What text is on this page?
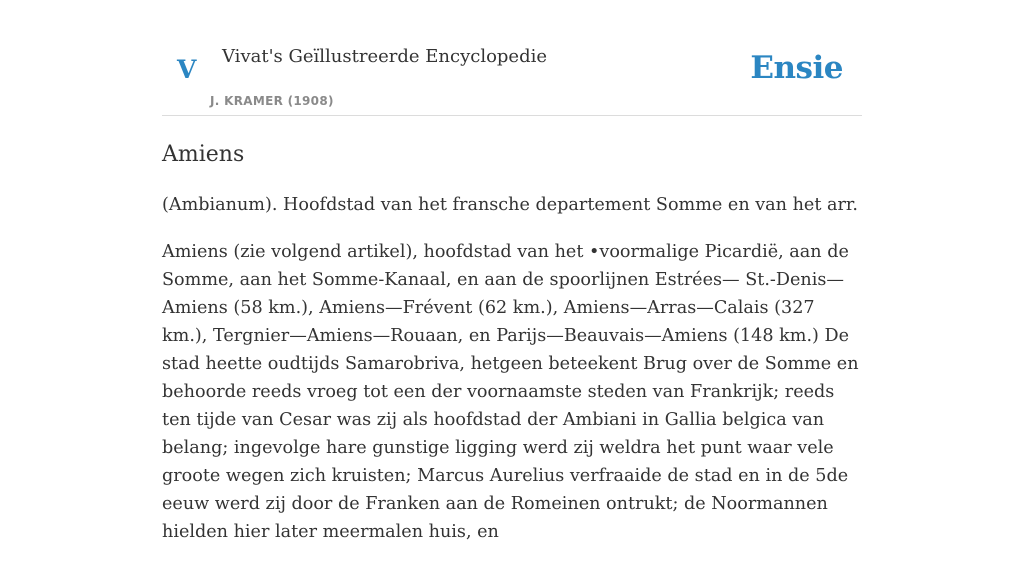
V Vivat's Geïllustreerde Encyclopedie
J. KRAMER (1908)
Ensie
Amiens

(Ambianum). Hoofdstad van het fransche departement Somme en van het arr.

Amiens (zie volgend artikel), hoofdstad van het •voormalige Picardië, aan de Somme, aan het Somme-Kanaal, en aan de spoorlijnen Estrées— St.-Denis—Amiens (58 km.), Amiens—Frévent (62 km.), Amiens—Arras—Calais (327 km.), Tergnier—Amiens—Rouaan, en Parijs—Beauvais—Amiens (148 km.) De stad heette oudtijds Samarobriva, hetgeen beteekent Brug over de Somme en behoorde reeds vroeg tot een der voornaamste steden van Frankrijk; reeds ten tijde van Cesar was zij als hoofdstad der Ambiani in Gallia belgica van belang; ingevolge hare gunstige ligging werd zij weldra het punt waar vele groote wegen zich kruisten; Marcus Aurelius verfraaide de stad en in de 5de eeuw werd zij door de Franken aan de Romeinen ontrukt; de Noormannen hielden hier later meermalen huis, en
